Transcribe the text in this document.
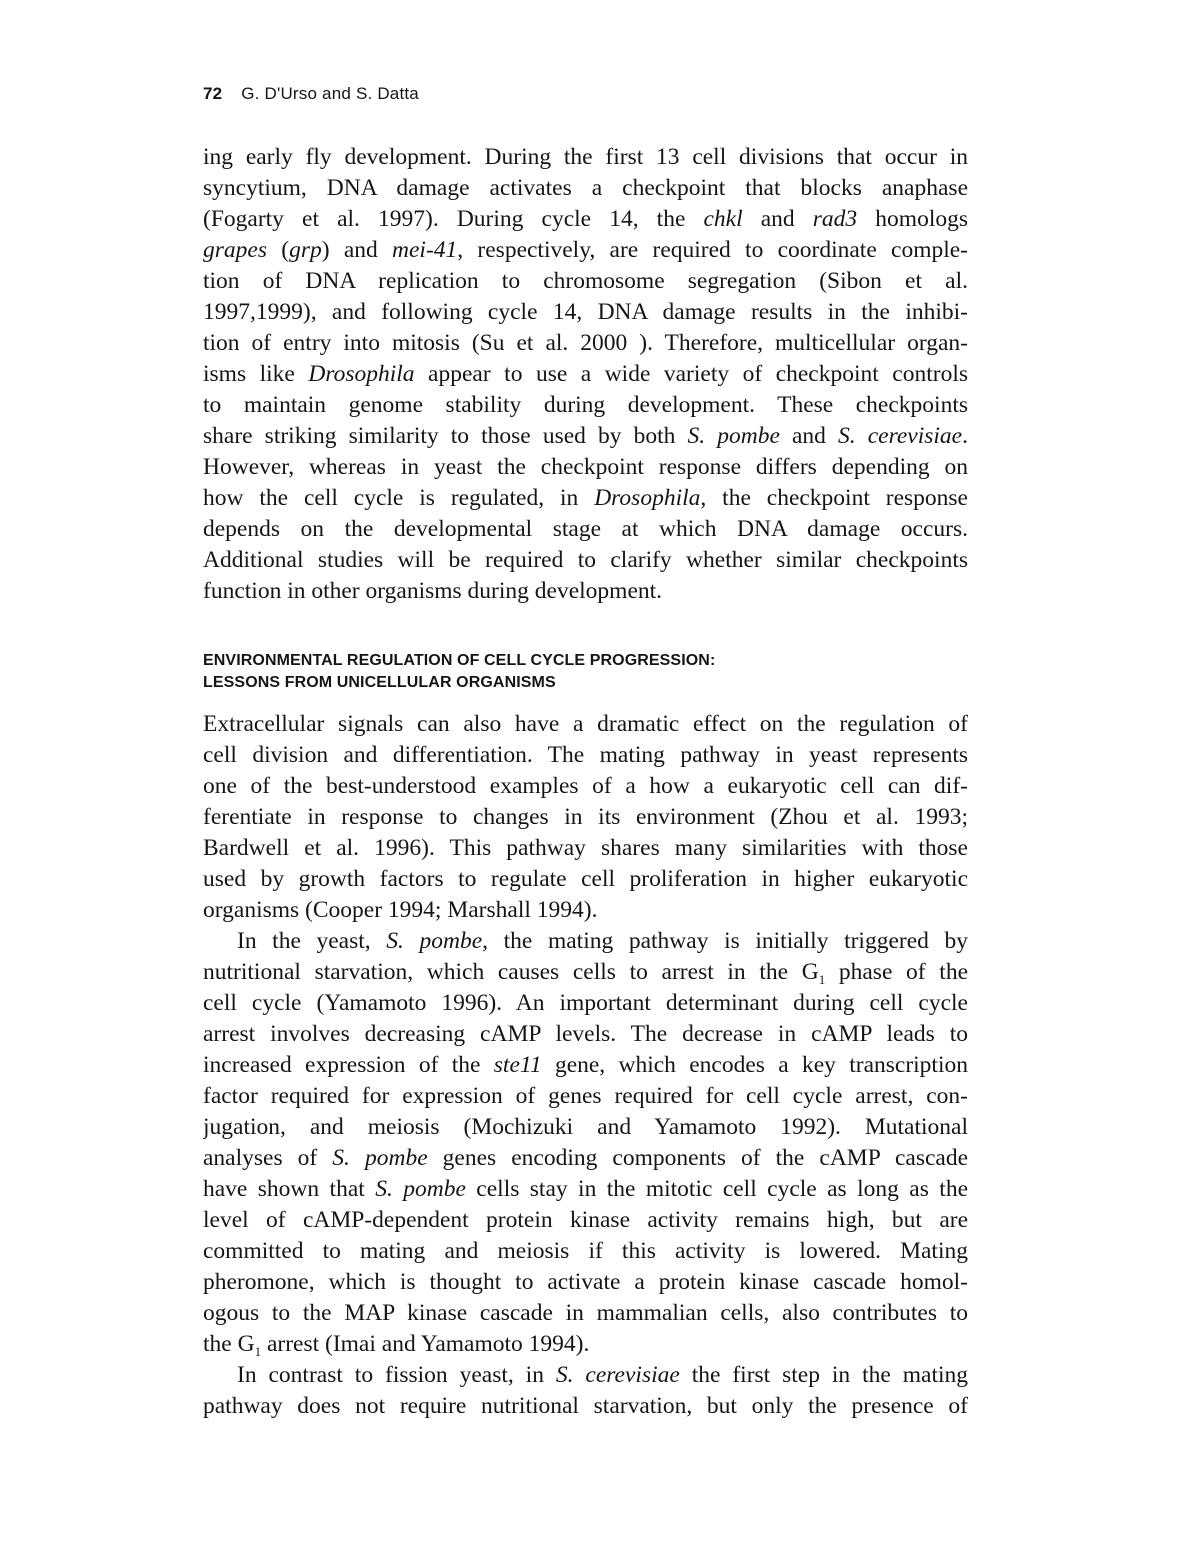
72 G. D'Urso and S. Datta
ing early fly development. During the first 13 cell divisions that occur in
syncytium, DNA damage activates a checkpoint that blocks anaphase
(Fogarty et al. 1997). During cycle 14, the chkl and rad3 homologs
grapes (grp) and mei-41, respectively, are required to coordinate comple-
tion of DNA replication to chromosome segregation (Sibon et al.
1997,1999), and following cycle 14, DNA damage results in the inhibi-
tion of entry into mitosis (Su et al. 2000 ). Therefore, multicellular organ-
isms like Drosophila appear to use a wide variety of checkpoint controls
to maintain genome stability during development. These checkpoints
share striking similarity to those used by both S. pombe and S. cerevisiae.
However, whereas in yeast the checkpoint response differs depending on
how the cell cycle is regulated, in Drosophila, the checkpoint response
depends on the developmental stage at which DNA damage occurs.
Additional studies will be required to clarify whether similar checkpoints
function in other organisms during development.
ENVIRONMENTAL REGULATION OF CELL CYCLE PROGRESSION:
LESSONS FROM UNICELLULAR ORGANISMS
Extracellular signals can also have a dramatic effect on the regulation of
cell division and differentiation. The mating pathway in yeast represents
one of the best-understood examples of a how a eukaryotic cell can dif-
ferentiate in response to changes in its environment (Zhou et al. 1993;
Bardwell et al. 1996). This pathway shares many similarities with those
used by growth factors to regulate cell proliferation in higher eukaryotic
organisms (Cooper 1994; Marshall 1994).
In the yeast, S. pombe, the mating pathway is initially triggered by
nutritional starvation, which causes cells to arrest in the $G_1$ phase of the
cell cycle (Yamamoto 1996). An important determinant during cell cycle
arrest involves decreasing cAMP levels. The decrease in cAMP leads to
increased expression of the ste11 gene, which encodes a key transcription
factor required for expression of genes required for cell cycle arrest, con-
jugation, and meiosis (Mochizuki and Yamamoto 1992). Mutational
analyses of S. pombe genes encoding components of the cAMP cascade
have shown that S. pombe cells stay in the mitotic cell cycle as long as the
level of cAMP-dependent protein kinase activity remains high, but are
committed to mating and meiosis if this activity is lowered. Mating
pheromone, which is thought to activate a protein kinase cascade homol-
ogous to the MAP kinase cascade in mammalian cells, also contributes to
the $G_1$ arrest (Imai and Yamamoto 1994).
In contrast to fission yeast, in S. cerevisiae the first step in the mating
pathway does not require nutritional starvation, but only the presence of
